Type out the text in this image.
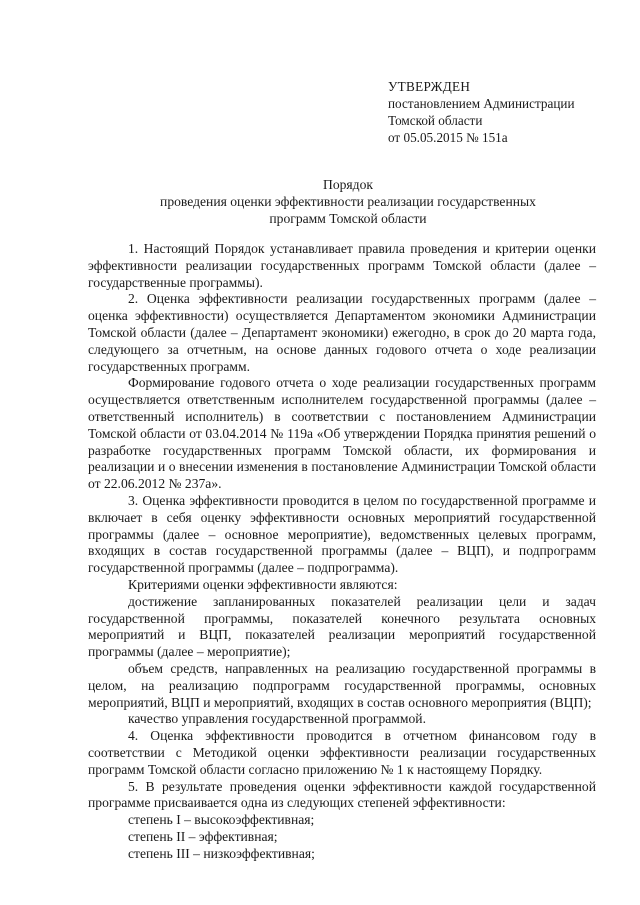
УТВЕРЖДЕН
постановлением Администрации
Томской области
от 05.05.2015 № 151а
Порядок
проведения оценки эффективности реализации государственных
программ Томской области

1. Настоящий Порядок устанавливает правила проведения и критерии оценки эффективности реализации государственных программ Томской области (далее – государственные программы).

2. Оценка эффективности реализации государственных программ (далее – оценка эффективности) осуществляется Департаментом экономики Администрации Томской области (далее – Департамент экономики) ежегодно, в срок до 20 марта года, следующего за отчетным, на основе данных годового отчета о ходе реализации государственных программ.

Формирование годового отчета о ходе реализации государственных программ осуществляется ответственным исполнителем государственной программы (далее – ответственный исполнитель) в соответствии с постановлением Администрации Томской области от 03.04.2014 № 119а «Об утверждении Порядка принятия решений о разработке государственных программ Томской области, их формирования и реализации и о внесении изменения в постановление Администрации Томской области от 22.06.2012 № 237а».

3. Оценка эффективности проводится в целом по государственной программе и включает в себя оценку эффективности основных мероприятий государственной программы (далее – основное мероприятие), ведомственных целевых программ, входящих в состав государственной программы (далее – ВЦП), и подпрограмм государственной программы (далее – подпрограмма).

Критериями оценки эффективности являются:

достижение запланированных показателей реализации цели и задач государственной программы, показателей конечного результата основных мероприятий и ВЦП, показателей реализации мероприятий государственной программы (далее – мероприятие);

объем средств, направленных на реализацию государственной программы в целом, на реализацию подпрограмм государственной программы, основных мероприятий, ВЦП и мероприятий, входящих в состав основного мероприятия (ВЦП);

качество управления государственной программой.

4. Оценка эффективности проводится в отчетном финансовом году в соответствии с Методикой оценки эффективности реализации государственных программ Томской области согласно приложению № 1 к настоящему Порядку.

5. В результате проведения оценки эффективности каждой государственной программе присваивается одна из следующих степеней эффективности:

степень I – высокоэффективная;

степень II – эффективная;

степень III – низкоэффективная;
